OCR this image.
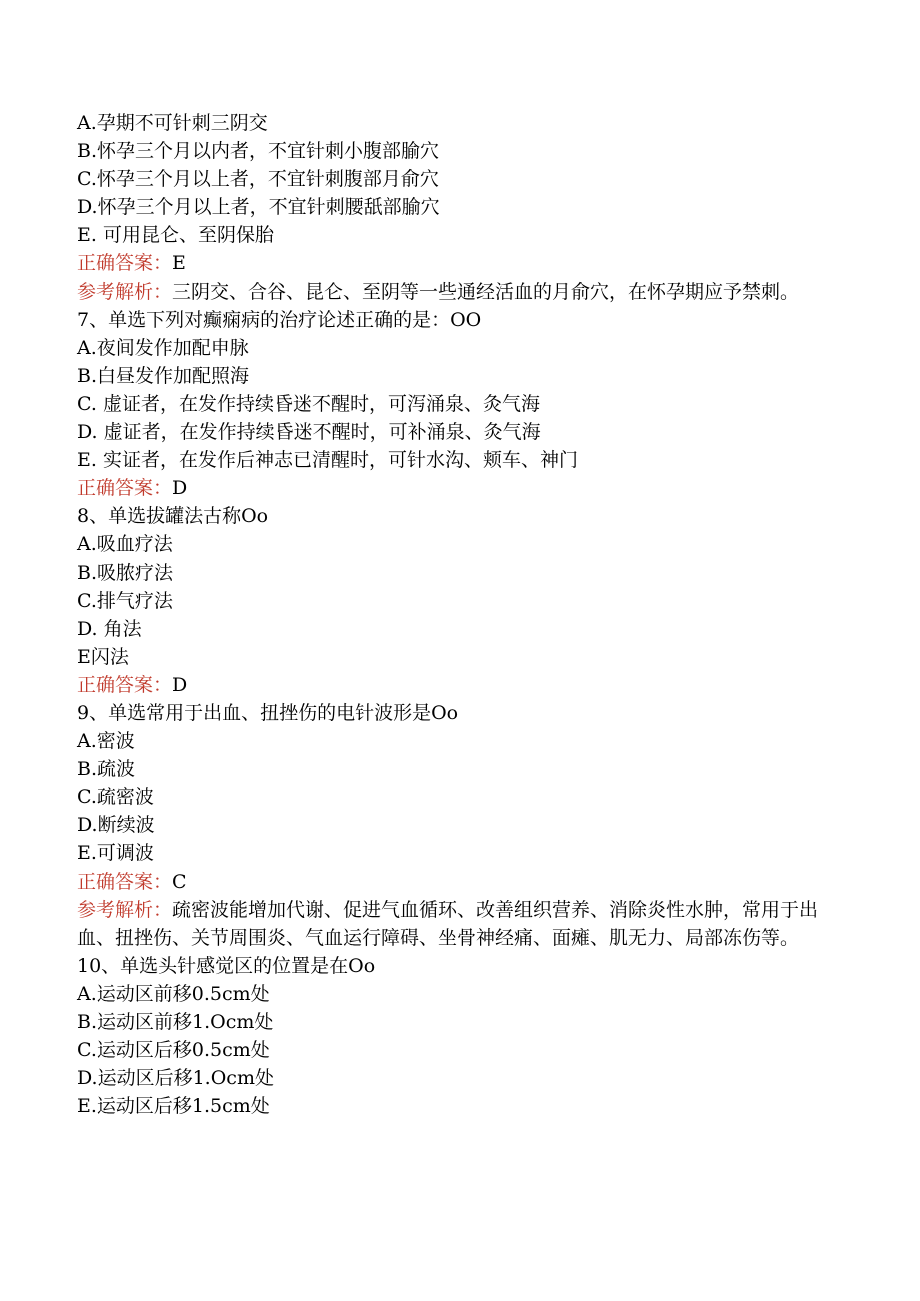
A.孕期不可针刺三阴交

B.怀孕三个月以内者，不宜针刺小腹部腧穴

C.怀孕三个月以上者，不宜针刺腹部月俞穴

D.怀孕三个月以上者，不宜针刺腰舐部腧穴

E. 可用昆仑、至阴保胎

正确答案：E

参考解析：三阴交、合谷、昆仑、至阴等一些通经活血的月俞穴，在怀孕期应予禁刺。

7、单选下列对癫痫病的治疗论述正确的是：OO

A.夜间发作加配申脉

B.白昼发作加配照海

C. 虚证者，在发作持续昏迷不醒时，可泻涌泉、灸气海

D. 虚证者，在发作持续昏迷不醒时，可补涌泉、灸气海

E. 实证者，在发作后神志已清醒时，可针水沟、颊车、神门

正确答案：D

8、单选拔罐法古称Oo

A.吸血疗法

B.吸脓疗法

C.排气疗法

D. 角法

E闪法

正确答案：D

9、单选常用于出血、扭挫伤的电针波形是Oo

A.密波

B.疏波

C.疏密波

D.断续波

E.可调波

正确答案：C

参考解析：疏密波能增加代谢、促进气血循环、改善组织营养、消除炎性水肿，常用于出血、扭挫伤、关节周围炎、气血运行障碍、坐骨神经痛、面瘫、肌无力、局部冻伤等。

10、单选头针感觉区的位置是在Oo

A.运动区前移0.5cm处

B.运动区前移1.Ocm处

C.运动区后移0.5cm处

D.运动区后移1.Ocm处

E.运动区后移1.5cm处
